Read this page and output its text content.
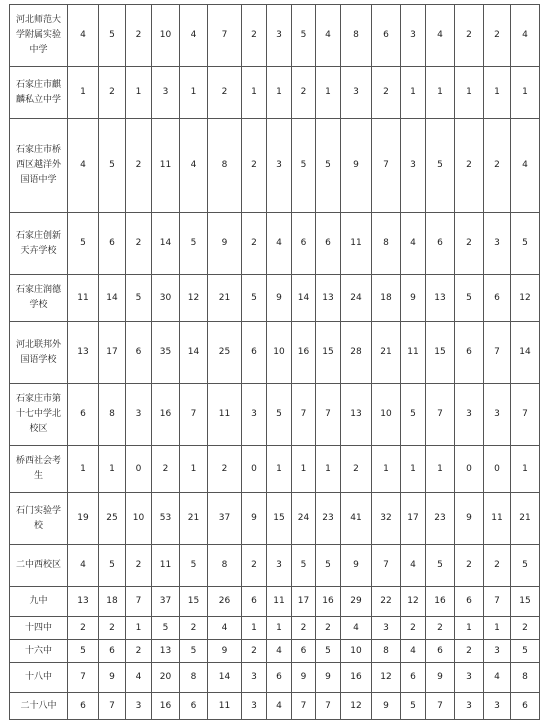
河北师范大学附属实验中学	4	5	2	10	4	7	2	3	5	4	8	6	3	4	2	2	4
石家庄市麒麟私立中学	1	2	1	3	1	2	1	1	2	1	3	2	1	1	1	1	1
石家庄市桥西区越洋外国语中学	4	5	2	11	4	8	2	3	5	5	9	7	3	5	2	2	4
石家庄创新天卉学校	5	6	2	14	5	9	2	4	6	6	11	8	4	6	2	3	5
石家庄润德学校	11	14	5	30	12	21	5	9	14	13	24	18	9	13	5	6	12
河北联邦外国语学校	13	17	6	35	14	25	6	10	16	15	28	21	11	15	6	7	14
石家庄市第十七中学北校区	6	8	3	16	7	11	3	5	7	7	13	10	5	7	3	3	7
桥西社会考生	1	1	0	2	1	2	0	1	1	1	2	1	1	1	0	0	1
石门实验学校	19	25	10	53	21	37	9	15	24	23	41	32	17	23	9	11	21
二中西校区	4	5	2	11	5	8	2	3	5	5	9	7	4	5	2	2	5
九中	13	18	7	37	15	26	6	11	17	16	29	22	12	16	6	7	15
十四中	2	2	1	5	2	4	1	1	2	2	4	3	2	2	1	1	2
十六中	5	6	2	13	5	9	2	4	6	5	10	8	4	6	2	3	5
十八中	7	9	4	20	8	14	3	6	9	9	16	12	6	9	3	4	8
二十八中	6	7	3	16	6	11	3	4	7	7	12	9	5	7	3	3	6
